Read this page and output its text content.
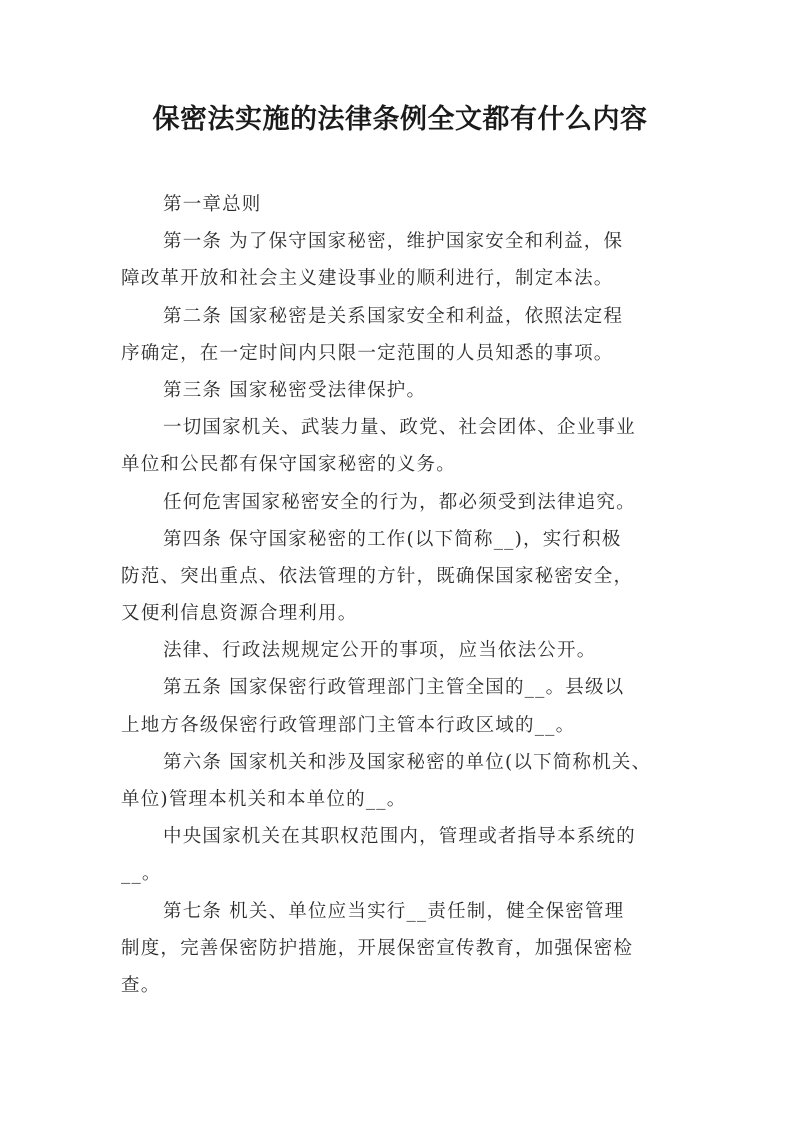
保密法实施的法律条例全文都有什么内容
第一章总则
第一条 为了保守国家秘密，维护国家安全和利益，保
障改革开放和社会主义建设事业的顺利进行，制定本法。
第二条 国家秘密是关系国家安全和利益，依照法定程
序确定，在一定时间内只限一定范围的人员知悉的事项。
第三条 国家秘密受法律保护。
一切国家机关、武装力量、政党、社会团体、企业事业
单位和公民都有保守国家秘密的义务。
任何危害国家秘密安全的行为，都必须受到法律追究。
第四条 保守国家秘密的工作(以下简称__)，实行积极
防范、突出重点、依法管理的方针，既确保国家秘密安全，
又便利信息资源合理利用。
法律、行政法规规定公开的事项，应当依法公开。
第五条 国家保密行政管理部门主管全国的__。县级以
上地方各级保密行政管理部门主管本行政区域的__。
第六条 国家机关和涉及国家秘密的单位(以下简称机关、
单位)管理本机关和本单位的__。
中央国家机关在其职权范围内，管理或者指导本系统的
__。
第七条 机关、单位应当实行__责任制，健全保密管理
制度，完善保密防护措施，开展保密宣传教育，加强保密检
查。
